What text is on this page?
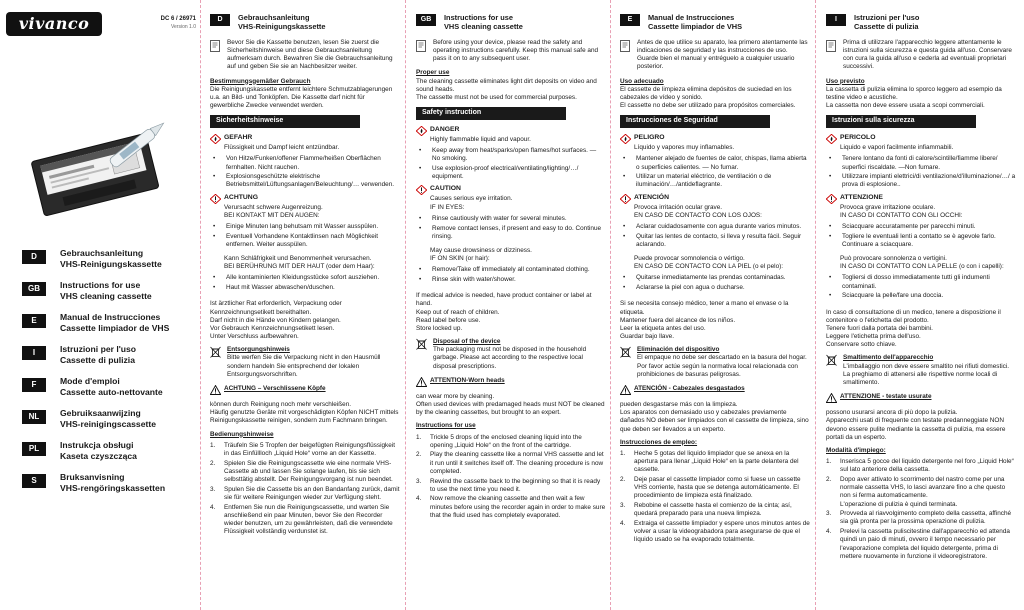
vivanco	DC 6 / 26971
Version 1.0
D	Gebrauchsanleitung
VHS-Reinigungskassette
GB	Instructions for use
VHS cleaning cassette
E	Manual de Instrucciones
Cassette limpiador de VHS
I	Istruzioni per l'uso
Cassette di pulizia
F	Mode d'emploi
Cassette auto-nettovante
NL	Gebruiksaanwijzing
VHS-reinigingscassette
PL	Instrukcja obsługi
Kaseta czyszcząca
S	Bruksanvisning
VHS-rengöringskassetten
D	Gebrauchsanleitung
VHS-Reinigungskassette
Bevor Sie die Kassette benutzen, lesen Sie zuerst die Sicherheitshinweise und diese Gebrauchsanleitung aufmerksam durch. Bewahren Sie die Gebrauchsanleitung auf und geben Sie sie an Nachbesitzer weiter.
Bestimmungsgemäßer Gebrauch
Die Reinigungskassette entfernt leichtere Schmutzablagerungen u.a. an Bild- und Tonköpfen. Die Kassette darf nicht für gewerbliche Zwecke verwendet werden.
Sicherheitshinweise
GEFAHR
Flüssigkeit und Dampf leicht entzündbar.
• Von Hitze/Funken/offener Flamme/heißen Oberflächen fernhalten. Nicht rauchen.
• Explosionsgeschützte elektrische Betriebsmittel/Lüftungsanlagen/Beleuchtung/… verwenden.
ACHTUNG
Verursacht schwere Augenreizung.
BEI KONTAKT MIT DEN AUGEN:
• Einige Minuten lang behutsam mit Wasser ausspülen.
• Eventuell Vorhandene Kontaktlinsen nach Möglichkeit entfernen. Weiter ausspülen.
Kann Schläfrigkeit und Benommenheit verursachen.
BEI BERÜHRUNG MIT DER HAUT (oder dem Haar):
• Alle kontaminierten Kleidungsstücke sofort ausziehen.
• Haut mit Wasser abwaschen/duschen.
Ist ärztlicher Rat erforderlich, Verpackung oder Kennzeichnungsetikett bereithalten.
Darf nicht in die Hände von Kindern gelangen.
Vor Gebrauch Kennzeichnungsetikett lesen.
Unter Verschluss aufbewahren.
Entsorgungshinweis
Bitte werfen Sie die Verpackung nicht in den Hausmüll sondern handeln Sie entsprechend der lokalen Entsorgungsvorschriften.
ACHTUNG – Verschlissene Köpfe
können durch Reinigung noch mehr verschleißen.
Häufig genutzte Geräte mit vorgeschädigten Köpfen NICHT mittels Reinigungskassette reinigen, sondern zum Fachmann bringen.
Bedienungshinweise
1. Träufeln Sie 5 Tropfen der beigefügten Reinigungsflüssigkeit in das Einfüllloch „Liquid Hole“ vorne an der Kassette.
2. Spielen Sie die Reinigungscassette wie eine normale VHS-Cassette ab und lassen Sie solange laufen, bis sie sich selbsttätig abstellt. Der Reinigungsvorgang ist nun beendet.
3. Spulen Sie die Cassette bis an den Bandanfang zurück, damit sie für weitere Reinigungen wieder zur Verfügung steht.
4. Entfernen Sie nun die Reinigungscassette, und warten Sie anschließend ein paar Minuten, bevor Sie den Recorder wieder benutzen, um zu gewährleisten, daß die verwendete Flüssigkeit vollständig verdunstet ist.
GB	Instructions for use
VHS cleaning cassette
Before using your device, please read the safety and operating instructions carefully. Keep this manual safe and pass it on to any subsequent user.
Proper use
The cleaning cassette eliminates light dirt deposits on video and sound heads.
The cassette must not be used for commercial purposes.
Safety instruction
DANGER
Highly flammable liquid and vapour.
• Keep away from heat/sparks/open flames/hot surfaces. — No smoking.
• Use explosion-proof electrical/ventilating/lighting/…/ equipment.
CAUTION
Causes serious eye irritation.
IF IN EYES:
• Rinse cautiously with water for several minutes.
• Remove contact lenses, if present and easy to do. Continue rinsing.
May cause drowsiness or dizziness.
IF ON SKIN (or hair):
• Remove/Take off immediately all contaminated clothing.
• Rinse skin with water/shower.
If medical advice is needed, have product container or label at hand.
Keep out of reach of children.
Read label before use.
Store locked up.
Disposal of the device
The packaging must not be disposed in the household garbage. Please act according to the respective local disposal prescriptions.
ATTENTION-Worn heads
can wear more by cleaning.
Often used devices with predamaged heads must NOT be cleaned by the cleaning cassettes, but brought to an expert.
Instructions for use
1. Trickle 5 drops of the enclosed cleaning liquid into the opening „Liquid Hole“ on the front of the cartridge.
2. Play the cleaning cassette like a normal VHS cassette and let it run until it switches itself off. The cleaning procedure is now completed.
3. Rewind the cassette back to the beginning so that it is ready to use the next time you need it.
4. Now remove the cleaning cassette and then wait a few minutes before using the recorder again in order to make sure that the fluid used has completely evaporated.
E	Manual de Instrucciones
Cassette limpiador de VHS
Antes de que utilice su aparato, lea primero atentamente las indicaciones de seguridad y las instrucciones de uso. Guarde bien el manual y entréguelo a cualquier usuario posterior.
Uso adecuado
El cassette de limpieza elimina depósitos de suciedad en los cabezales de vídeo y sonido.
El cassette no debe ser utilizado para propósitos comerciales.
Instrucciones de Seguridad
PELIGRO
Líquido y vapores muy inflamables.
• Mantener alejado de fuentes de calor, chispas, llama abierta o superficies calientes. — No fumar.
• Utilizar un material eléctrico, de ventilación o de iluminación/…/antideflagrante.
ATENCIÓN
Provoca irritación ocular grave.
EN CASO DE CONTACTO CON LOS OJOS:
• Aclarar cuidadosamente con agua durante varios minutos.
• Quitar las lentes de contacto, si lleva y resulta fácil. Seguir aclarando.
Puede provocar somnolencia o vértigo.
EN CASO DE CONTACTO CON LA PIEL (o el pelo):
• Quitarse inmediatamente las prendas contaminadas.
• Aclararse la piel con agua o ducharse.
Si se necesita consejo médico, tener a mano el envase o la etiqueta.
Mantener fuera del alcance de los niños.
Leer la etiqueta antes del uso.
Guardar bajo llave.
Eliminación del dispositivo
El empaque no debe ser descartado en la basura del hogar. Por favor actúe según la normativa local relacionada con prohibiciones de basuras peligrosas.
ATENCIÓN - Cabezales desgastados
pueden desgastarse más con la limpieza.
Los aparatos con demasiado uso y cabezales previamente dañados NO deben ser limpiados con el cassette de limpieza, sino que deben ser llevados a un experto.
Instrucciones de empleo:
1. Heche 5 gotas del liquido limpiador que se anexa en la apertura para llenar „Liquid Hole“ en la parte delantera del cassette.
2. Deje pasar el cassette limpiador como si fuese un cassette VHS corriente, hasta que se detenga automáticamente. El procedimiento de limpieza está finalizado.
3. Rebobine el cassette hasta el comienzo de la cinta; así, quedará preparado para una nueva limpieza.
4. Extraiga el cassette limpiador y espere unos minutos antes de volver a usar la videograbadora para asegurarse de que el líquido usado se ha evaporado totalmente.
I	Istruzioni per l'uso
Cassette di pulizia
Prima di utilizzare l'apparecchio leggere attentamente le istruzioni sulla sicurezza e questa guida all'uso. Conservare con cura la guida all'uso e cederla ad eventuali proprietari successivi.
Uso previsto
La cassetta di pulizia elimina lo sporco leggero ad esempio da testine video e acustiche.
La cassetta non deve essere usata a scopi commerciali.
Istruzioni sulla sicurezza
PERICOLO
Liquido e vapori facilmente infiammabili.
• Tenere lontano da fonti di calore/scintille/fiamme libere/ superfici riscaldate. —Non fumare.
• Utilizzare impianti elettrici/di ventilazione/d'illuminazione/…/ a prova di esplosione..
ATTENZIONE
Provoca grave irritazione oculare.
IN CASO DI CONTATTO CON GLI OCCHI:
• Sciacquare accuratamente per parecchi minuti.
• Togliere le eventuali lenti a contatto se è agevole farlo. Continuare a sciacquare.
Può provocare sonnolenza o vertigini.
IN CASO DI CONTATTO CON LA PELLE (o con i capelli):
• Togliersi di dosso immediatamente tutti gli indumenti contaminati.
• Sciacquare la pelle/fare una doccia.
In caso di consultazione di un medico, tenere a disposizione il contenitore o l'etichetta del prodotto.
Tenere fuori dalla portata dei bambini.
Leggere l'etichetta prima dell'uso.
Conservare sotto chiave.
Smaltimento dell'apparecchio
L'imballaggio non deve essere smaltito nei rifiuti domestici. La preghiamo di attenersi alle rispettive norme locali di smaltimento.
ATTENZIONE - testate usurate
possono usurarsi ancora di più dopo la pulizia.
Apparecchi usati di frequente con testate predanneggiate NON devono essere pulite mediante la cassetta di pulizia, ma essere portati da un esperto.
Modalità d'impiego:
1. Inserisca 5 gocce del liquido detergente nel foro „Liquid Hole“ sul lato anteriore della cassetta.
2. Dopo aver attivato lo scorrimento del nastro come per una normale cassetta VHS, lo lasci avanzare fino a che questo non si ferma automaticamente.
L'operazione di pulizia è quindi terminata.
3. Provveda al riavvolgimento completo della cassetta, affinché sia già pronta per la prossima operazione di pulizia.
4. Prelevi la cassetta puliscitestine dall'apparecchio ed attenda quindi un paio di minuti, ovvero il tempo necessario per l'evaporazione completa del liquido detergente, prima di mettere nuovamente in funzione il videoregistratore.
